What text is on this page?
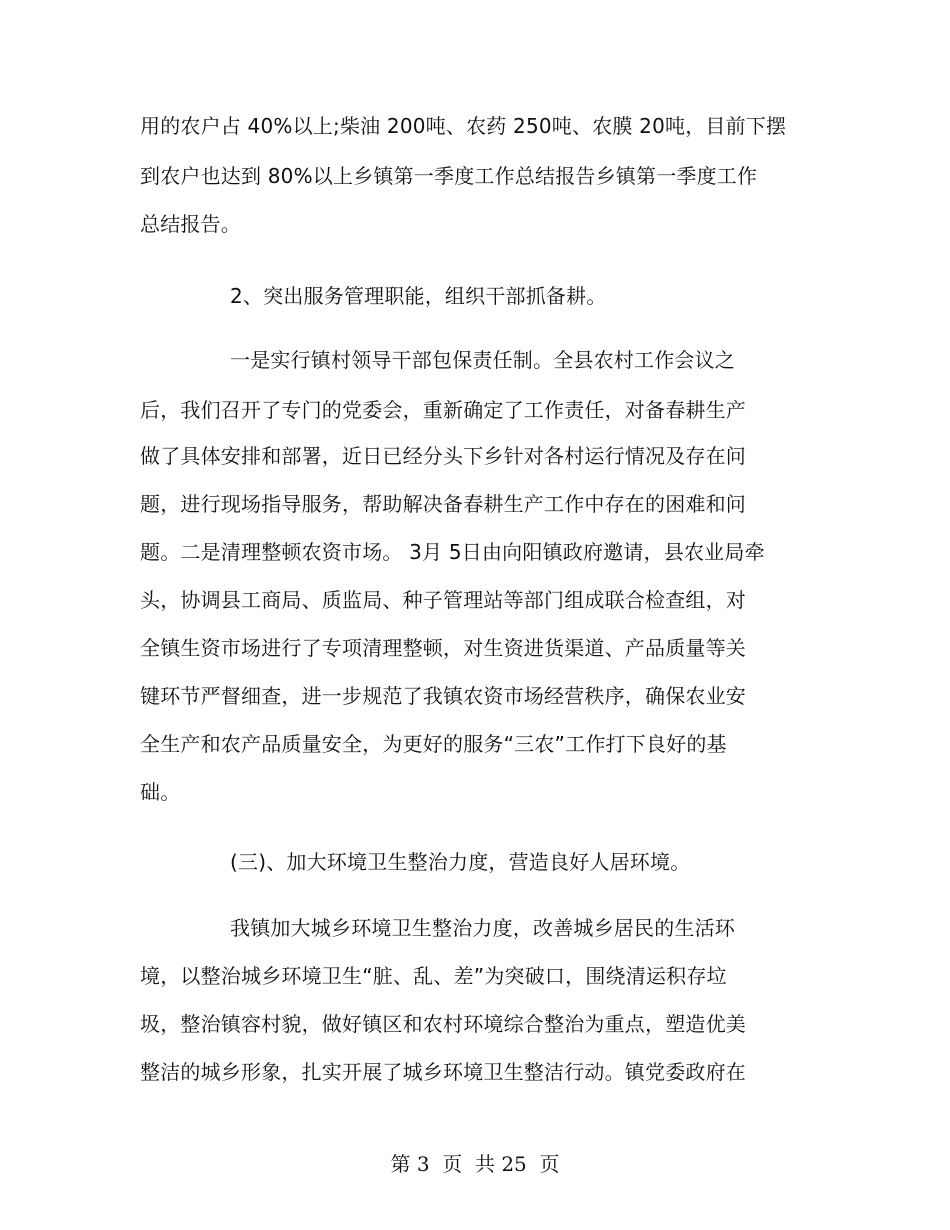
用的农户占 40%以上;柴油 200吨、农药 250吨、农膜 20吨，目前下摆
到农户也达到 80%以上乡镇第一季度工作总结报告乡镇第一季度工作
总结报告。
2、突出服务管理职能，组织干部抓备耕。
一是实行镇村领导干部包保责任制。全县农村工作会议之
后，我们召开了专门的党委会，重新确定了工作责任，对备春耕生产
做了具体安排和部署，近日已经分头下乡针对各村运行情况及存在问
题，进行现场指导服务，帮助解决备春耕生产工作中存在的困难和问
题。二是清理整顿农资市场。 3月 5日由向阳镇政府邀请，县农业局牵
头，协调县工商局、质监局、种子管理站等部门组成联合检查组，对
全镇生资市场进行了专项清理整顿，对生资进货渠道、产品质量等关
键环节严督细查，进一步规范了我镇农资市场经营秩序，确保农业安
全生产和农产品质量安全，为更好的服务“三农”工作打下良好的基
础。
(三)、加大环境卫生整治力度，营造良好人居环境。
我镇加大城乡环境卫生整治力度，改善城乡居民的生活环
境，以整治城乡环境卫生“脏、乱、差”为突破口，围绕清运积存垃
圾，整治镇容村貌，做好镇区和农村环境综合整治为重点，塑造优美
整洁的城乡形象，扎实开展了城乡环境卫生整洁行动。镇党委政府在
第 3  页  共 25  页
